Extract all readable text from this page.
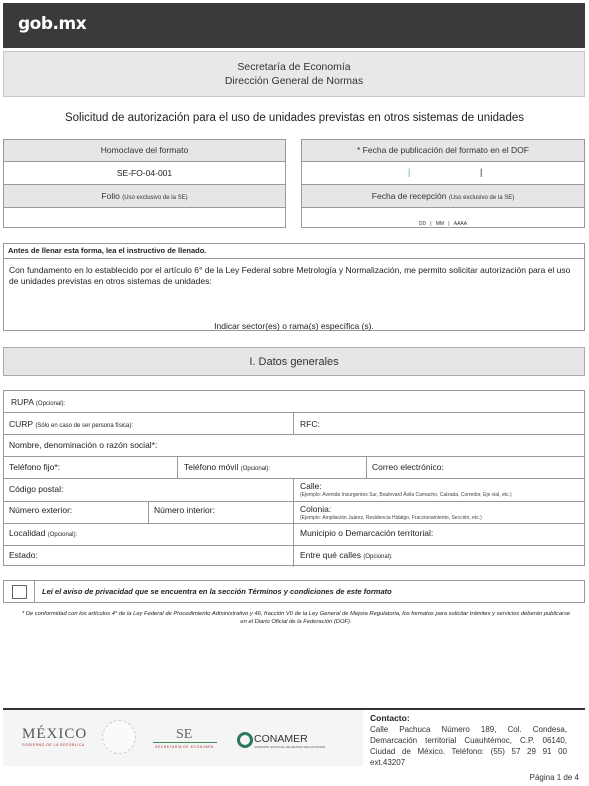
gob.mx
Secretaría de Economía
Dirección General de Normas
Solicitud de autorización para el uso de unidades previstas en otros sistemas de unidades
Homoclave del formato
SE-FO-04-001
Folio (Uso exclusivo de la SE)
* Fecha de publicación del formato en el DOF
|	|
Fecha de recepción (Uso exclusivo de la SE)
DD | MM | AAAA
Antes de llenar esta forma, lea el instructivo de llenado.
Con fundamento en lo establecido por el artículo 6° de la Ley Federal sobre Metrología y Normalización, me permito solicitar autorización para el uso de unidades previstas en otros sistemas de unidades:
Indicar sector(es) o rama(s) específica (s).
I. Datos generales
RUPA (Opcional):
CURP (Sólo en caso de ser persona física):	RFC:
Nombre, denominación o razón social*:
Teléfono fijo*:	Teléfono móvil (Opcional):	Correo electrónico:
Código postal:	Calle:
(Ejemplo: Avenida Insurgentes Sur, Boulevard Ávila Camacho, Calzada, Corredor, Eje vial, etc.)
Número exterior:	Número interior:	Colonia:
(Ejemplo: Ampliación Juárez, Residencia Hidalgo, Fraccionamiento, Sección, etc.)
Localidad (Opcional):	Municipio o Demarcación territorial:
Estado:	Entre qué calles (Opcional):
Leí el aviso de privacidad que se encuentra en la sección Términos y condiciones de este formato
* De conformidad con los artículos 4° de la Ley Federal de Procedimiento Administrativo y 46, fracción VII de la Ley General de Mejora Regulatoria, los formatos para solicitar trámites y servicios deberán publicarse en el Diario Oficial de la Federación (DOF).
MÉXICO
GOBIERNO DE LA REPÚBLICA
SE
SECRETARÍA DE ECONOMÍA
CONAMER
COMISIÓN NACIONAL DE MEJORA REGULATORIA
Contacto:
Calle Pachuca Número 189, Col. Condesa, Demarcación territorial Cuauhtémoc, C.P. 06140, Ciudad de México. Teléfono: (55) 57 29 91 00 ext.43207
Página 1 de 4
